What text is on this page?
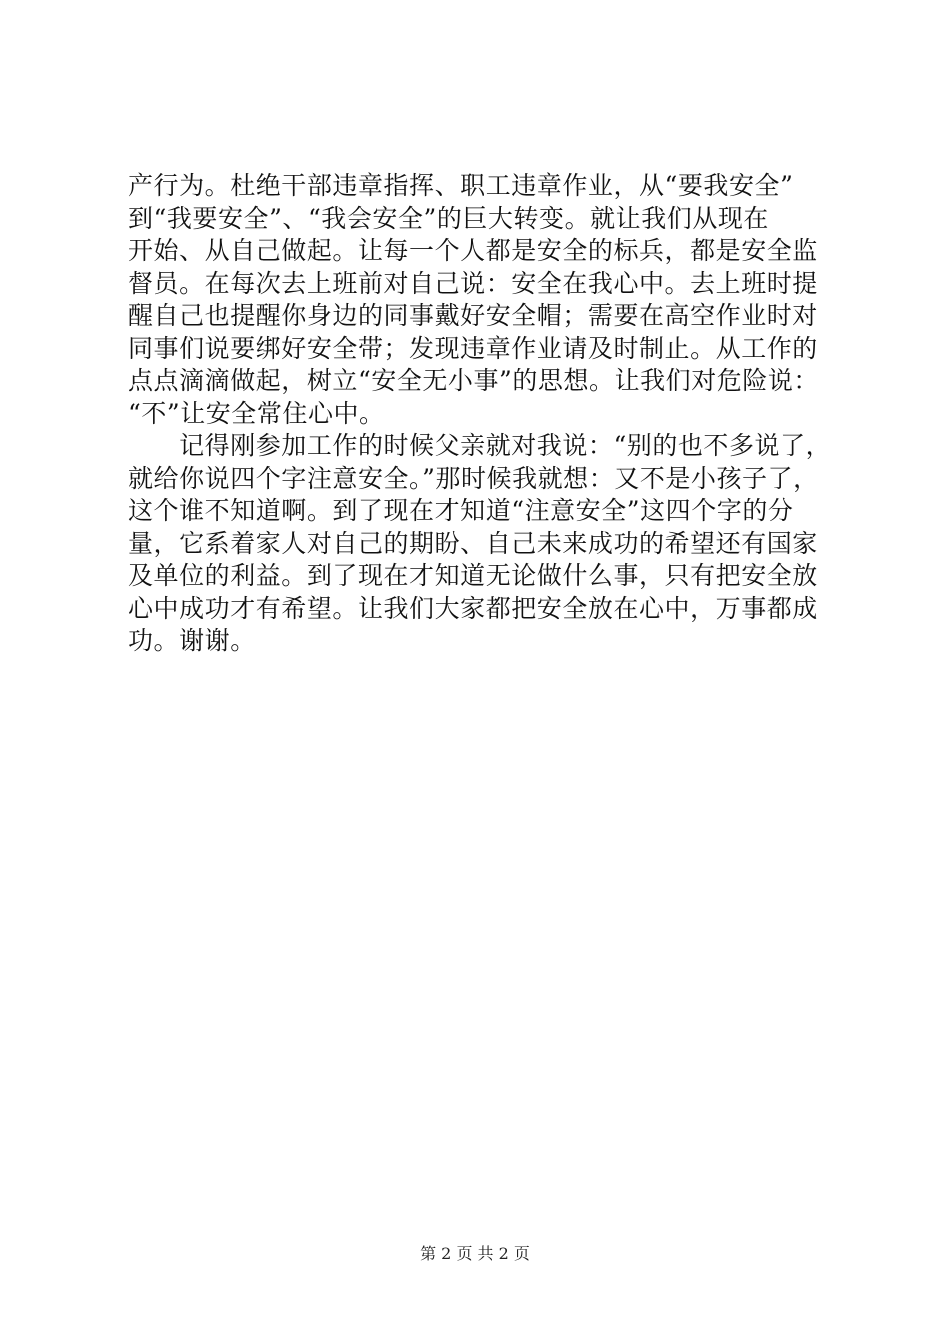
产行为。杜绝干部违章指挥、职工违章作业，从“要我安全”
到“我要安全”、“我会安全”的巨大转变。就让我们从现在
开始、从自己做起。让每一个人都是安全的标兵，都是安全监
督员。在每次去上班前对自己说：安全在我心中。去上班时提
醒自己也提醒你身边的同事戴好安全帽；需要在高空作业时对
同事们说要绑好安全带；发现违章作业请及时制止。从工作的
点点滴滴做起，树立“安全无小事”的思想。让我们对危险说：
“不”让安全常住心中。
　　记得刚参加工作的时候父亲就对我说：“别的也不多说了，
就给你说四个字注意安全。”那时候我就想：又不是小孩子了，
这个谁不知道啊。到了现在才知道“注意安全”这四个字的分
量，它系着家人对自己的期盼、自己未来成功的希望还有国家
及单位的利益。到了现在才知道无论做什么事，只有把安全放
心中成功才有希望。让我们大家都把安全放在心中，万事都成
功。谢谢。
第 2 页 共 2 页
